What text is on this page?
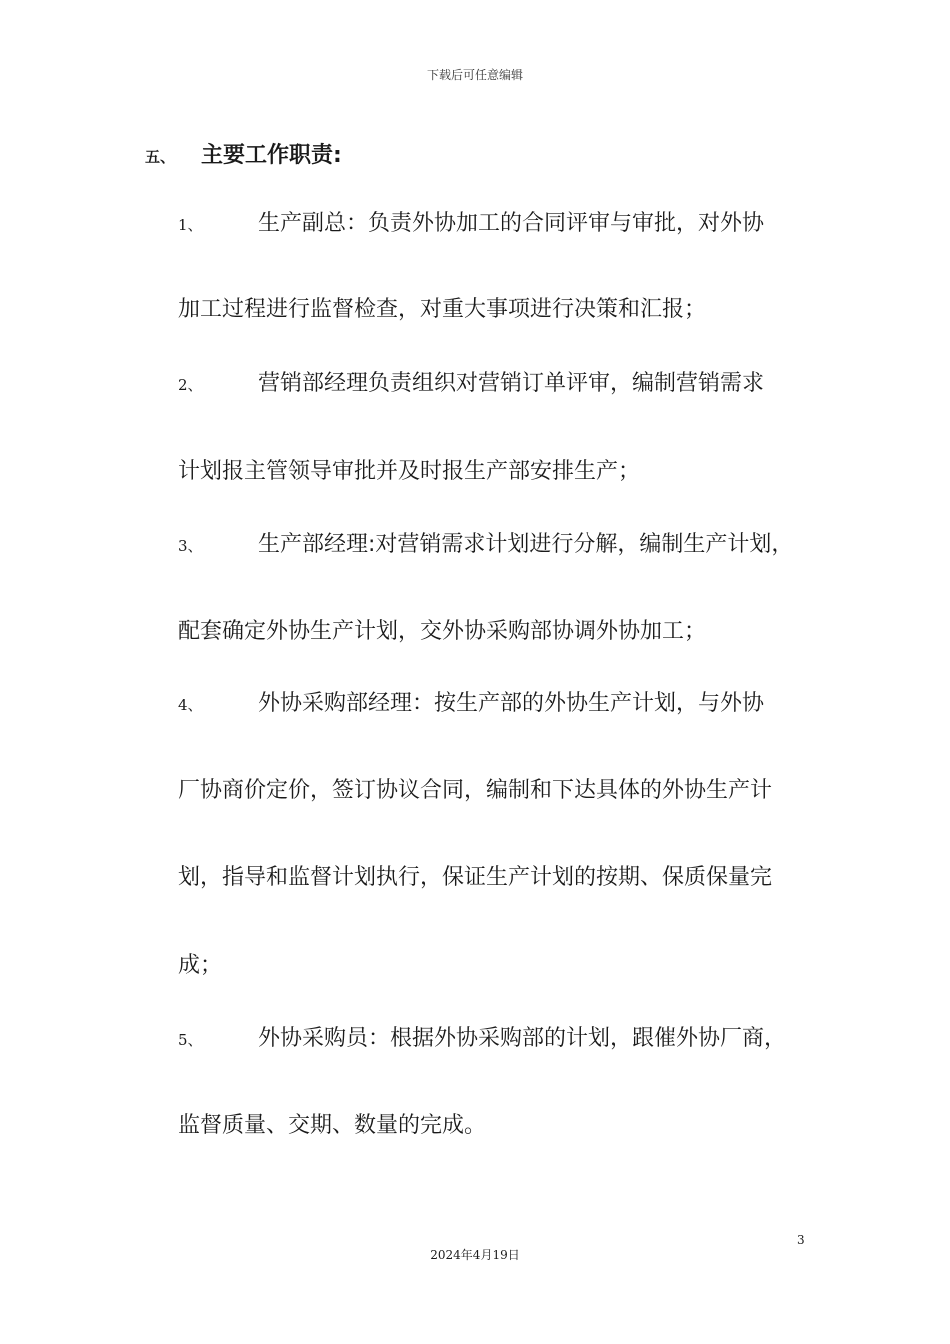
下载后可任意编辑
五、 主要工作职责:
1、	生产副总：负责外协加工的合同评审与审批，对外协
加工过程进行监督检查，对重大事项进行决策和汇报；
2、	营销部经理负责组织对营销订单评审，编制营销需求
计划报主管领导审批并及时报生产部安排生产；
3、	生产部经理:对营销需求计划进行分解，编制生产计划，
配套确定外协生产计划，交外协采购部协调外协加工；
4、	外协采购部经理：按生产部的外协生产计划，与外协
厂协商价定价，签订协议合同，编制和下达具体的外协生产计
划，指导和监督计划执行，保证生产计划的按期、保质保量完
成；
5、	外协采购员：根据外协采购部的计划，跟催外协厂商，
监督质量、交期、数量的完成。
3
2024年4月19日
